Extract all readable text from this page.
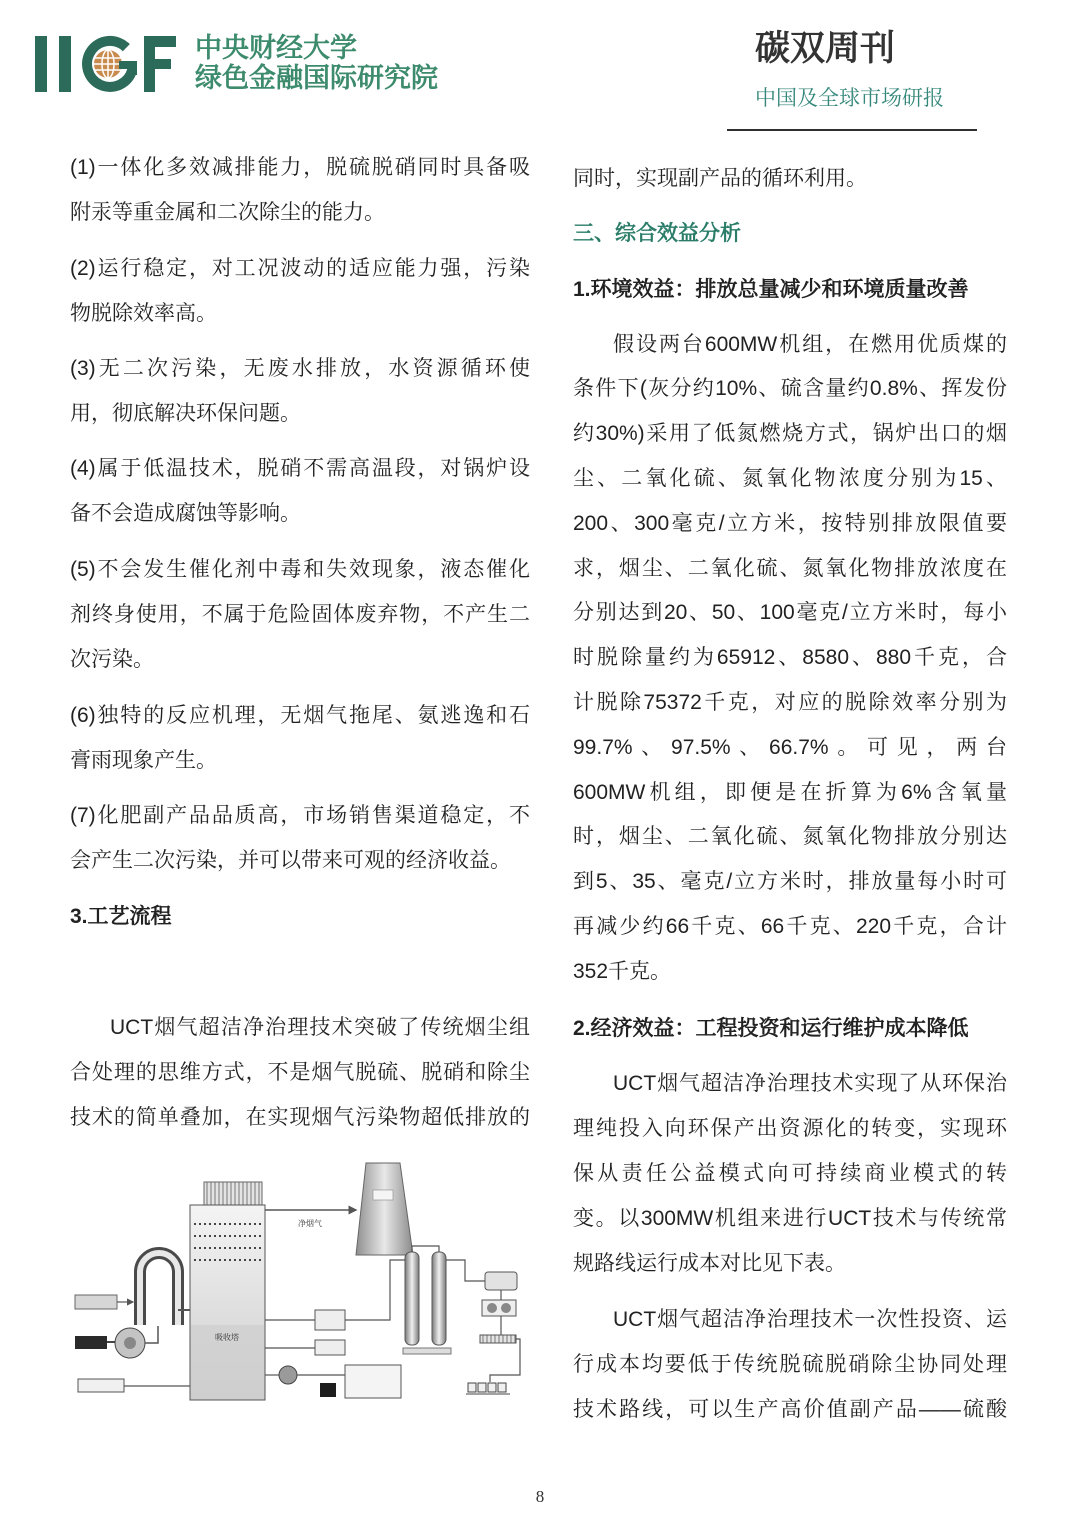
中央财经大学
绿色金融国际研究院
碳双周刊
中国及全球市场研报
(1)一体化多效减排能力，脱硫脱硝同时具备吸
附汞等重金属和二次除尘的能力。
(2)运行稳定，对工况波动的适应能力强，污染
物脱除效率高。
(3)无二次污染，无废水排放，水资源循环使
用，彻底解决环保问题。
(4)属于低温技术，脱硝不需高温段，对锅炉设
备不会造成腐蚀等影响。
(5)不会发生催化剂中毒和失效现象，液态催化
剂终身使用，不属于危险固体废弃物，不产生二
次污染。
(6)独特的反应机理，无烟气拖尾、氨逃逸和石
膏雨现象产生。
(7)化肥副产品品质高，市场销售渠道稳定，不
会产生二次污染，并可以带来可观的经济收益。
3.工艺流程
UCT烟气超洁净治理技术突破了传统烟尘组
合处理的思维方式，不是烟气脱硫、脱硝和除尘
技术的简单叠加，在实现烟气污染物超低排放的
净烟气
吸收塔
同时，实现副产品的循环利用。
三、综合效益分析
1.环境效益：排放总量减少和环境质量改善
假设两台600MW机组，在燃用优质煤的
条件下(灰分约10%、硫含量约0.8%、挥发份
约30%)采用了低氮燃烧方式，锅炉出口的烟
尘、二氧化硫、氮氧化物浓度分别为15、
200、300毫克/立方米，按特别排放限值要
求，烟尘、二氧化硫、氮氧化物排放浓度在
分别达到20、50、100毫克/立方米时，每小
时脱除量约为65912、8580、880千克，合
计脱除75372千克，对应的脱除效率分别为
99.7%、97.5%、66.7%。可见，两台
600MW机组，即便是在折算为6%含氧量
时，烟尘、二氧化硫、氮氧化物排放分别达
到5、35、毫克/立方米时，排放量每小时可
再减少约66千克、66千克、220千克，合计
352千克。
2.经济效益：工程投资和运行维护成本降低
UCT烟气超洁净治理技术实现了从环保治
理纯投入向环保产出资源化的转变，实现环
保从责任公益模式向可持续商业模式的转
变。以300MW机组来进行UCT技术与传统常
规路线运行成本对比见下表。
UCT烟气超洁净治理技术一次性投资、运
行成本均要低于传统脱硫脱硝除尘协同处理
技术路线，可以生产高价值副产品——硫酸
8
